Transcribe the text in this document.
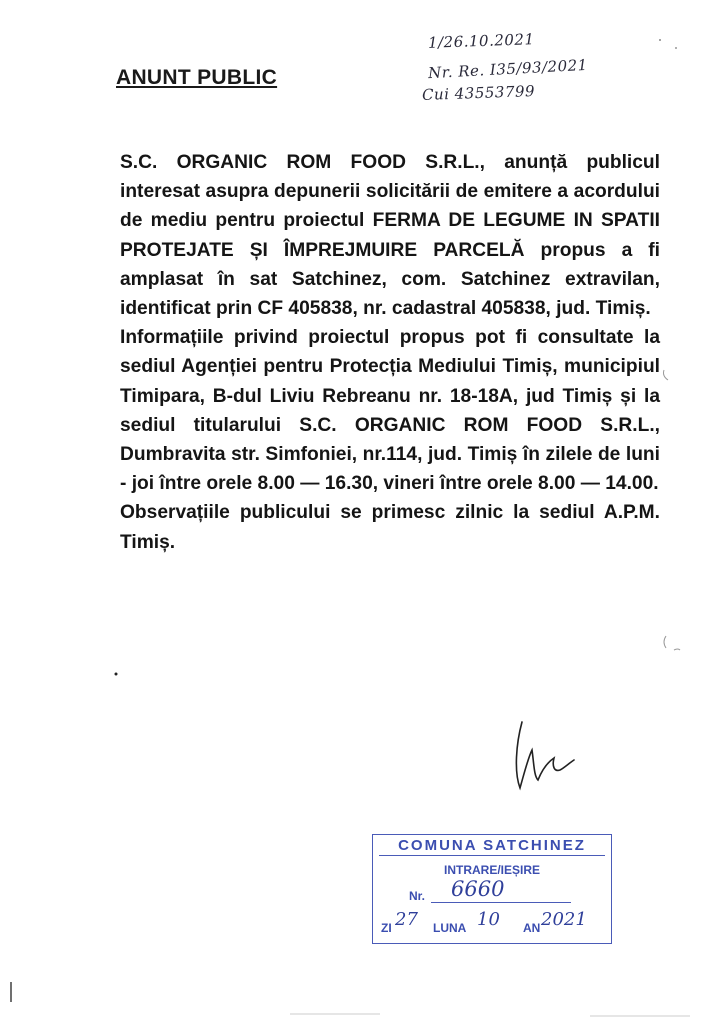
ANUNT PUBLIC
1/26.10.2021
Nr. Re. I35/93/2021
Cui 43553799

S.C. ORGANIC ROM FOOD S.R.L., anunță publicul interesat asupra depunerii solicitării de emitere a acordului de mediu pentru proiectul FERMA DE LEGUME IN SPATII PROTEJATE ȘI ÎMPREJMUIRE PARCELĂ propus a fi amplasat în sat Satchinez, com. Satchinez extravilan, identificat prin CF 405838, nr. cadastral 405838, jud. Timiș.

Informațiile privind proiectul propus pot fi consultate la sediul Agenției pentru Protecția Mediului Timiș, municipiul Timipara, B-dul Liviu Rebreanu nr. 18-18A, jud Timiș și la sediul titularului S.C. ORGANIC ROM FOOD S.R.L., Dumbravita str. Simfoniei, nr.114, jud. Timiș în zilele de luni - joi între orele 8.00 — 16.30, vineri între orele 8.00 — 14.00.

Observațiile publicului se primesc zilnic la sediul A.P.M. Timiș.

COMUNA SATCHINEZ
INTRARE/IEȘIRE
Nr. 6660
ZI 27 LUNA 10 AN 2021
